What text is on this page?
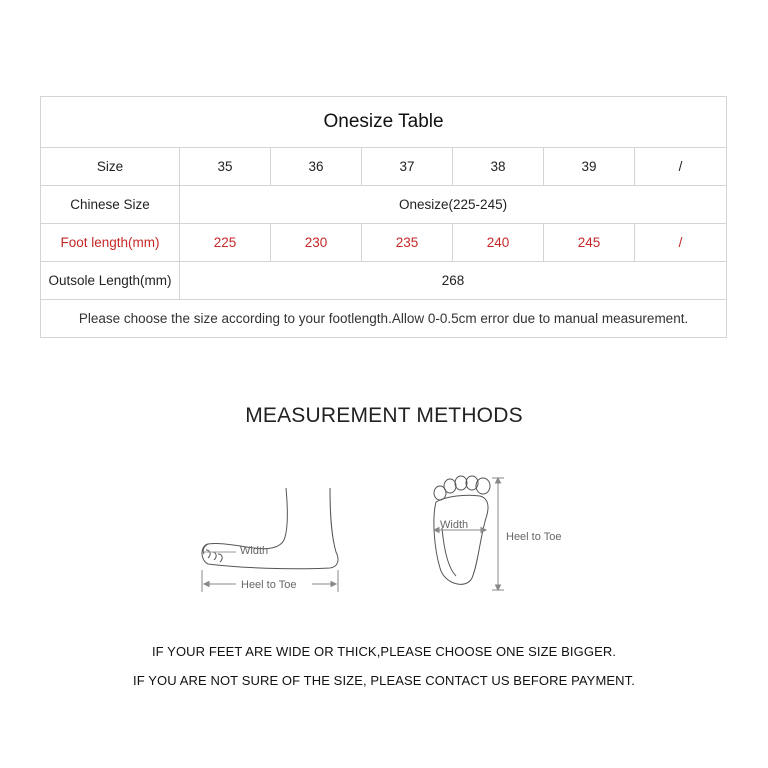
Onesize Table						
Size	35	36	37	38	39	/
Chinese Size	Onesize(225-245)					
Foot length(mm)	225	230	235	240	245	/
Outsole Length(mm)	268					
Please choose the size according to your footlength.Allow 0-0.5cm error due to manual measurement.						
MEASUREMENT METHODS
Width
Heel to Toe
Width
Heel to Toe
IF YOUR FEET ARE WIDE OR THICK,PLEASE CHOOSE ONE SIZE BIGGER.
IF YOU ARE NOT SURE OF THE SIZE, PLEASE CONTACT US BEFORE PAYMENT.
